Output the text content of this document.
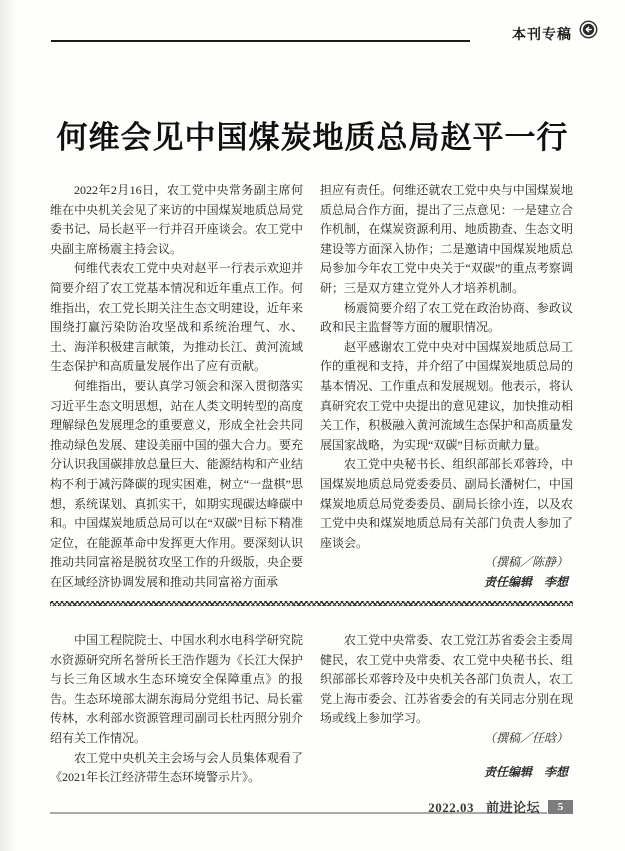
本刊专稿
何维会见中国煤炭地质总局赵平一行

2022年2月16日，农工党中央常务副主席何维在中央机关会见了来访的中国煤炭地质总局党委书记、局长赵平一行并召开座谈会。农工党中央副主席杨震主持会议。

何维代表农工党中央对赵平一行表示欢迎并简要介绍了农工党基本情况和近年重点工作。何维指出，农工党长期关注生态文明建设，近年来围绕打赢污染防治攻坚战和系统治理气、水、土、海洋积极建言献策，为推动长江、黄河流域生态保护和高质量发展作出了应有贡献。

何维指出，要认真学习领会和深入贯彻落实习近平生态文明思想，站在人类文明转型的高度理解绿色发展理念的重要意义，形成全社会共同推动绿色发展、建设美丽中国的强大合力。要充分认识我国碳排放总量巨大、能源结构和产业结构不利于减污降碳的现实困难，树立“一盘棋”思想，系统谋划、真抓实干，如期实现碳达峰碳中和。中国煤炭地质总局可以在“双碳”目标下精准定位，在能源革命中发挥更大作用。要深刻认识推动共同富裕是脱贫攻坚工作的升级版，央企要在区域经济协调发展和推动共同富裕方面承

担应有责任。何维还就农工党中央与中国煤炭地质总局合作方面，提出了三点意见：一是建立合作机制，在煤炭资源利用、地质勘查、生态文明建设等方面深入协作；二是邀请中国煤炭地质总局参加今年农工党中央关于“双碳”的重点考察调研；三是双方建立党外人才培养机制。

杨震简要介绍了农工党在政治协商、参政议政和民主监督等方面的履职情况。

赵平感谢农工党中央对中国煤炭地质总局工作的重视和支持，并介绍了中国煤炭地质总局的基本情况、工作重点和发展规划。他表示，将认真研究农工党中央提出的意见建议，加快推动相关工作，积极融入黄河流域生态保护和高质量发展国家战略，为实现“双碳”目标贡献力量。

农工党中央秘书长、组织部部长邓蓉玲，中国煤炭地质总局党委委员、副局长潘树仁，中国煤炭地质总局党委委员、副局长徐小连，以及农工党中央和煤炭地质总局有关部门负责人参加了座谈会。

（撰稿／陈静）

责任编辑　李想

中国工程院院士、中国水利水电科学研究院水资源研究所名誉所长王浩作题为《长江大保护与长三角区域水生态环境安全保障重点》的报告。生态环境部太湖东海局分党组书记、局长霍传林，水利部水资源管理司副司长杜丙照分别介绍有关工作情况。

农工党中央机关主会场与会人员集体观看了《2021年长江经济带生态环境警示片》。

农工党中央常委、农工党江苏省委会主委周健民，农工党中央常委、农工党中央秘书长、组织部部长邓蓉玲及中央机关各部门负责人，农工党上海市委会、江苏省委会的有关同志分别在现场或线上参加学习。

（撰稿／任晗）

责任编辑　李想

2022.03 前进论坛	5
